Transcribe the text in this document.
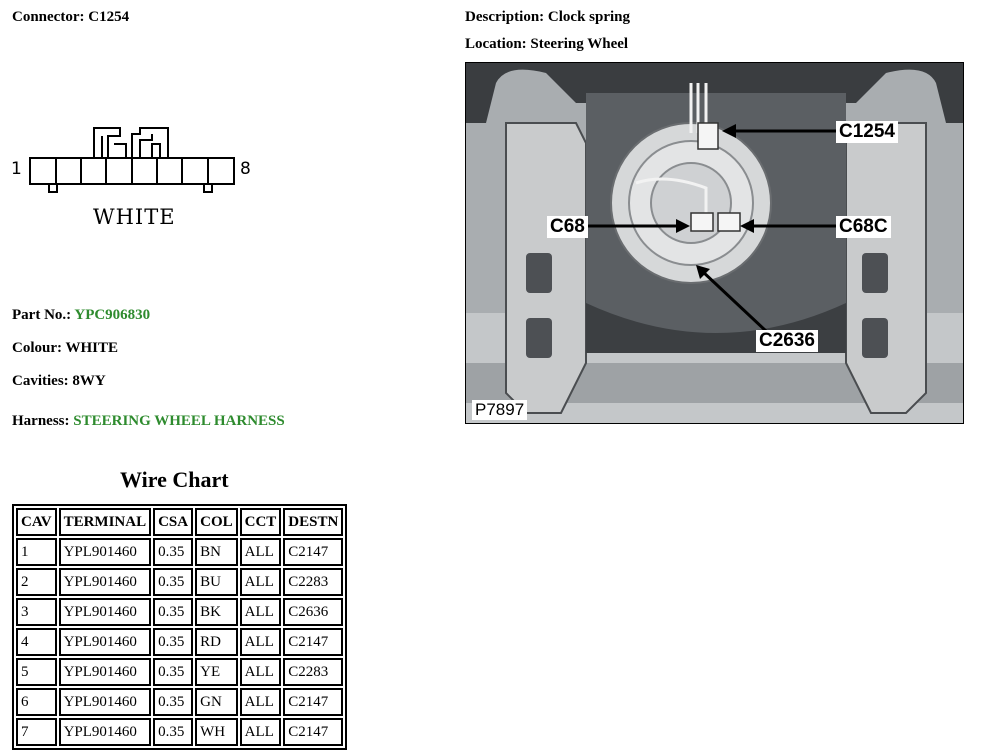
Connector: C1254
1	8
WHITE
Description: Clock spring
Location: Steering Wheel
C1254
C68	C68C
C2636
P7897
Part No.: YPC906830
Colour: WHITE
Cavities: 8WY
Harness: STEERING WHEEL HARNESS
Wire Chart
CAV	TERMINAL	CSA	COL	CCT	DESTN
1	YPL901460	0.35	BN	ALL	C2147
2	YPL901460	0.35	BU	ALL	C2283
3	YPL901460	0.35	BK	ALL	C2636
4	YPL901460	0.35	RD	ALL	C2147
5	YPL901460	0.35	YE	ALL	C2283
6	YPL901460	0.35	GN	ALL	C2147
7	YPL901460	0.35	WH	ALL	C2147
